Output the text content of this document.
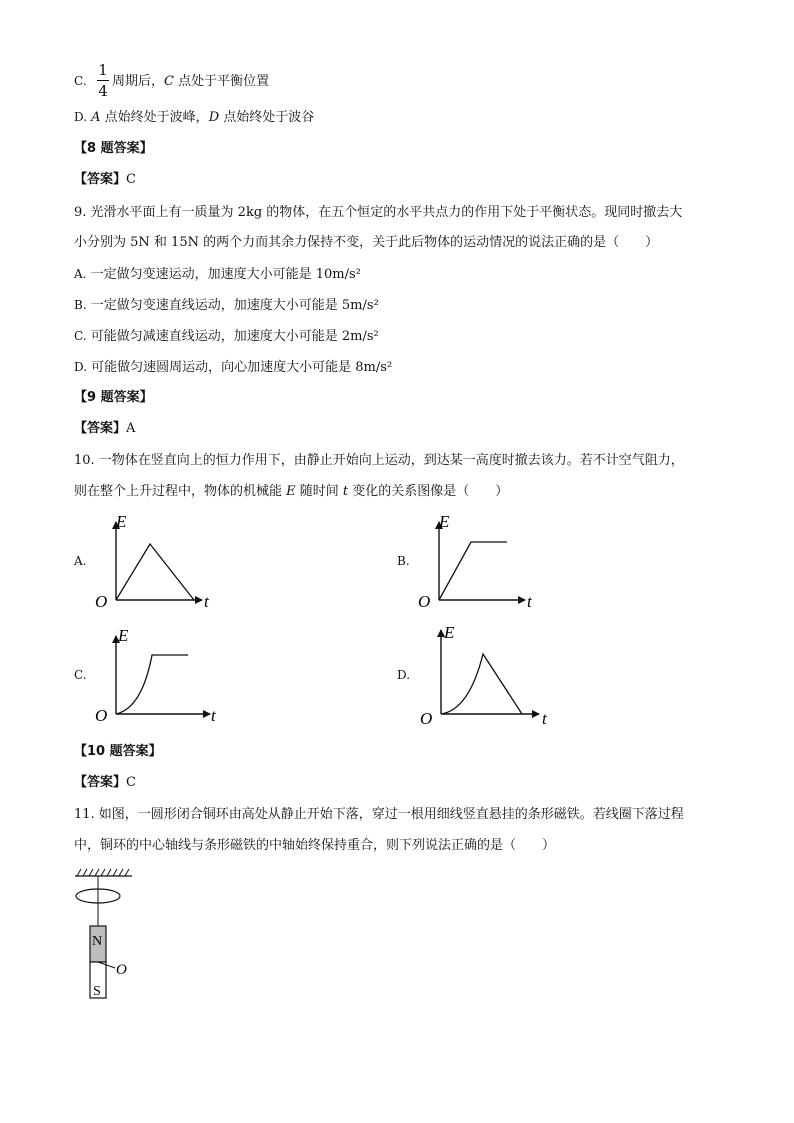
C.
1
4
周期后，C 点处于平衡位置
D. A 点始终处于波峰，D 点始终处于波谷
【8 题答案】
【答案】C
9. 光滑水平面上有一质量为 2kg 的物体，在五个恒定的水平共点力的作用下处于平衡状态。现同时撤去大
小分别为 5N 和 15N 的两个力而其余力保持不变，关于此后物体的运动情况的说法正确的是（　　）
A. 一定做匀变速运动，加速度大小可能是 10m/s²
B. 一定做匀变速直线运动，加速度大小可能是 5m/s²
C. 可能做匀减速直线运动，加速度大小可能是 2m/s²
D. 可能做匀速圆周运动，向心加速度大小可能是 8m/s²
【9 题答案】
【答案】A
10. 一物体在竖直向上的恒力作用下，由静止开始向上运动，到达某一高度时撤去该力。若不计空气阻力，
则在整个上升过程中，物体的机械能 E 随时间 t 变化的关系图像是（　　）
A.	B.
C.	D.
E
O	t
E
O	t
E
O	t
E
O	t
【10 题答案】
【答案】C
11. 如图，一圆形闭合铜环由高处从静止开始下落，穿过一根用细线竖直悬挂的条形磁铁。若线圈下落过程
中，铜环的中心轴线与条形磁铁的中轴始终保持重合，则下列说法正确的是（　　）
N
S
O
